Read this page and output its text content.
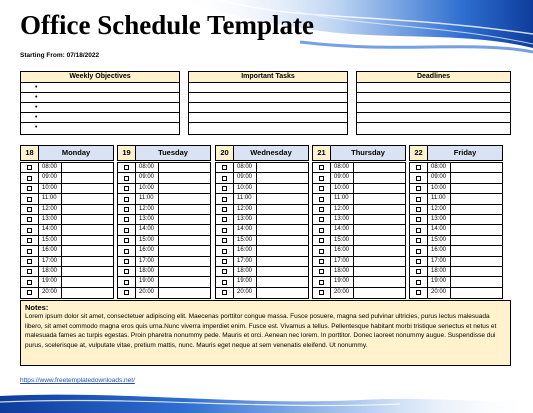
Office Schedule Template
Starting From: 07/18/2022
Weekly Objectives
•
•
•
•
•
Important Tasks	Deadlines
18	Monday
08:00
09:00
10:00
11:00
12:00
13:00
14:00
15:00
16:00
17:00
18:00
19:00
20:00
19	Tuesday
08:00
09:00
10:00
11:00
12:00
13:00
14:00
15:00
16:00
17:00
18:00
19:00
20:00
20	Wednesday
08:00
09:00
10:00
11:00
12:00
13:00
14:00
15:00
16:00
17:00
18:00
19:00
20:00
21	Thursday
08:00
09:00
10:00
11:00
12:00
13:00
14:00
15:00
16:00
17:00
18:00
19:00
20:00
22	Friday
08:00
09:00
10:00
11:00
12:00
13:00
14:00
15:00
16:00
17:00
18:00
19:00
20:00
Notes:
Lorem ipsum dolor sit amet, consectetuer adipiscing elit. Maecenas porttitor congue massa. Fusce posuere, magna sed pulvinar ultricies, purus lectus malesuada libero, sit amet commodo magna eros quis urna.Nunc viverra imperdiet enim. Fusce est. Vivamus a tellus. Pellentesque habitant morbi tristique senectus et netus et malesuada fames ac turpis egestas. Proin pharetra nonummy pede. Mauris et orci. Aenean nec lorem. In porttitor. Donec laoreet nonummy augue. Suspendisse dui purus, scelerisque at, vulputate vitae, pretium mattis, nunc. Mauris eget neque at sem venenatis eleifend. Ut nonummy.
https://www.freetemplatedownloads.net/
